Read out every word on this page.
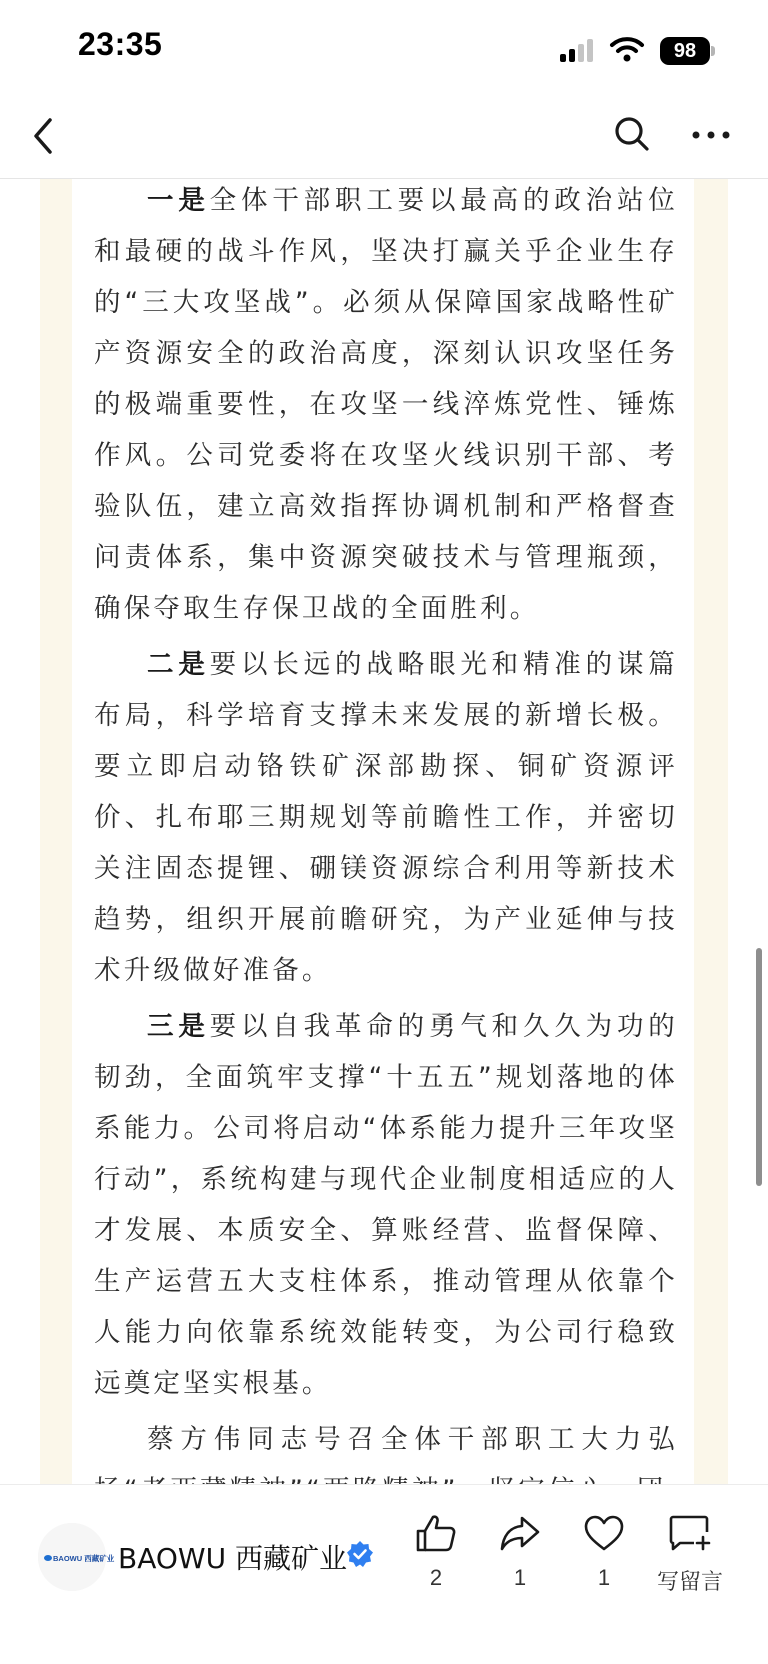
23:35	98

一是全体干部职工要以最高的政治站位和最硬的战斗作风，坚决打赢关乎企业生存的“三大攻坚战”。必须从保障国家战略性矿产资源安全的政治高度，深刻认识攻坚任务的极端重要性，在攻坚一线淬炼党性、锤炼作风。公司党委将在攻坚火线识别干部、考验队伍，建立高效指挥协调机制和严格督查问责体系，集中资源突破技术与管理瓶颈，确保夺取生存保卫战的全面胜利。

二是要以长远的战略眼光和精准的谋篇布局，科学培育支撑未来发展的新增长极。要立即启动铬铁矿深部勘探、铜矿资源评价、扎布耶三期规划等前瞻性工作，并密切关注固态提锂、硼镁资源综合利用等新技术趋势，组织开展前瞻研究，为产业延伸与技术升级做好准备。

三是要以自我革命的勇气和久久为功的韧劲，全面筑牢支撑“十五五”规划落地的体系能力。公司将启动“体系能力提升三年攻坚行动”，系统构建与现代企业制度相适应的人才发展、本质安全、算账经营、监督保障、生产运营五大支柱体系，推动管理从依靠个人能力向依靠系统效能转变，为公司行稳致远奠定坚实根基。

蔡方伟同志号召全体干部职工大力弘

BAOWU 西藏矿业 BAOWU 西藏矿业
2	1	1	写留言
